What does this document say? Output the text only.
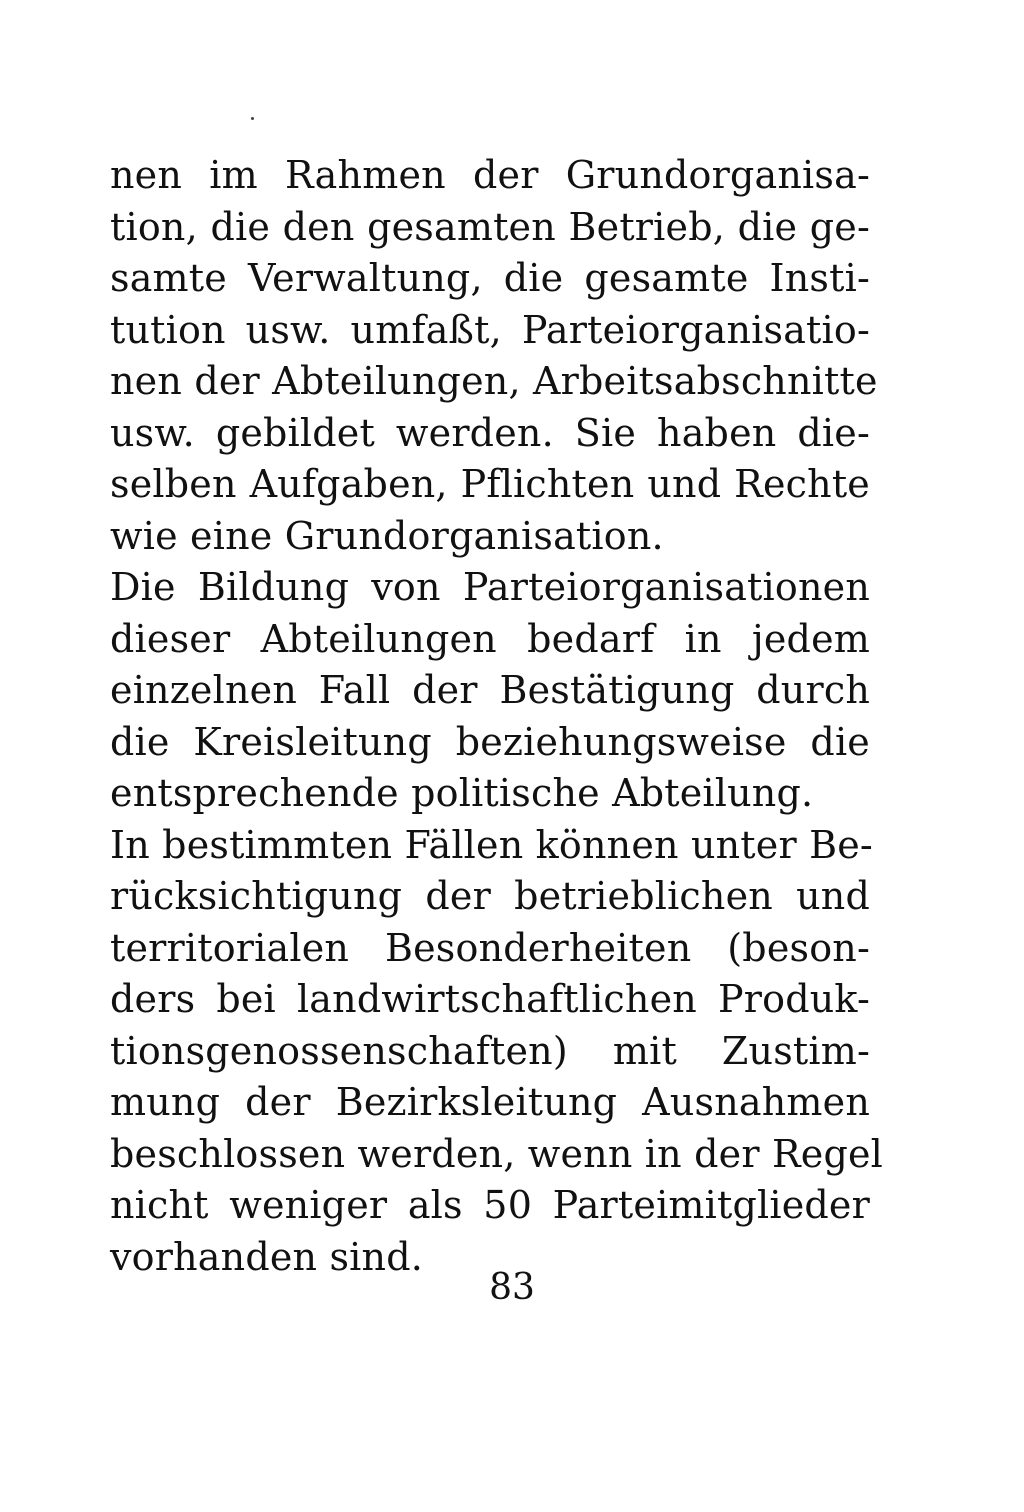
nen im Rahmen der Grundorganisa-
tion, die den gesamten Betrieb, die ge-
samte Verwaltung, die gesamte Insti-
tution usw. umfaßt, Parteiorganisatio-
nen der Abteilungen, Arbeitsabschnitte
usw. gebildet werden. Sie haben die-
selben Aufgaben, Pflichten und Rechte
wie eine Grundorganisation.
Die Bildung von Parteiorganisationen
dieser Abteilungen bedarf in jedem
einzelnen Fall der Bestätigung durch
die Kreisleitung beziehungsweise die
entsprechende politische Abteilung.
In bestimmten Fällen können unter Be-
rücksichtigung der betrieblichen und
territorialen Besonderheiten (beson-
ders bei landwirtschaftlichen Produk-
tionsgenossenschaften) mit Zustim-
mung der Bezirksleitung Ausnahmen
beschlossen werden, wenn in der Regel
nicht weniger als 50 Parteimitglieder
vorhanden sind.
83
